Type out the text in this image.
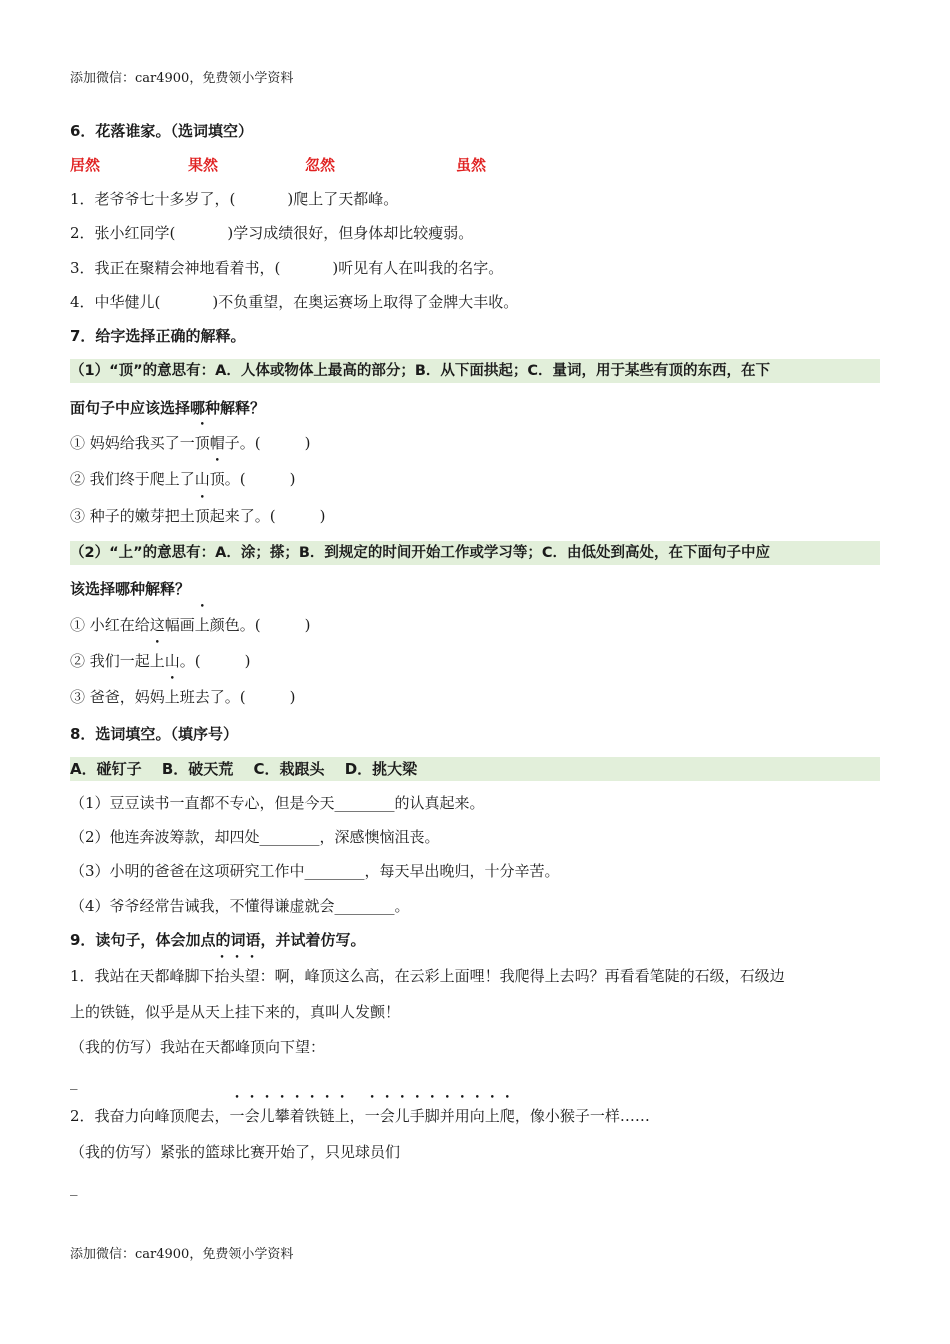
添加微信：car4900，免费领小学资料
6．花落谁家。（选词填空）
居然	果然	忽然	虽然
1．老爷爷七十多岁了，(	)爬上了天都峰。
2．张小红同学(	)学习成绩很好，但身体却比较瘦弱。
3．我正在聚精会神地看着书，(	)听见有人在叫我的名字。
4．中华健儿(	)不负重望，在奥运赛场上取得了金牌大丰收。
7．给字选择正确的解释。
（1）“顶”的意思有：A．人体或物体上最高的部分；B．从下面拱起；C．量词，用于某些有顶的东西，在下
面句子中应该选择哪种解释？
① 妈妈给我买了一顶帽子。(	)
② 我们终于爬上了山顶。(	)
③ 种子的嫩芽把土顶起来了。(	)
（2）“上”的意思有：A．涂；搽；B．到规定的时间开始工作或学习等；C．由低处到高处，在下面句子中应
该选择哪种解释？
① 小红在给这幅画上颜色。(	)
② 我们一起上山。(	)
③ 爸爸，妈妈上班去了。(	)
8．选词填空。（填序号）
A．碰钉子　 B．破天荒　 C．栽跟头　 D．挑大梁
（1）豆豆读书一直都不专心，但是今天________的认真起来。
（2）他连奔波筹款，却四处________，深感懊恼沮丧。
（3）小明的爸爸在这项研究工作中________，每天早出晚归，十分辛苦。
（4）爷爷经常告诫我，不懂得谦虚就会________。
9．读句子，体会加点的词语，并试着仿写。
1．我站在天都峰脚下抬头望：啊，峰顶这么高，在云彩上面哩！我爬得上去吗？再看看笔陡的石级，石级边
上的铁链，似乎是从天上挂下来的，真叫人发颤！
（我的仿写）我站在天都峰顶向下望：
_
2．我奋力向峰顶爬去，一会儿攀着铁链上，一会儿手脚并用向上爬，像小猴子一样……
（我的仿写）紧张的篮球比赛开始了，只见球员们
_
添加微信：car4900，免费领小学资料
